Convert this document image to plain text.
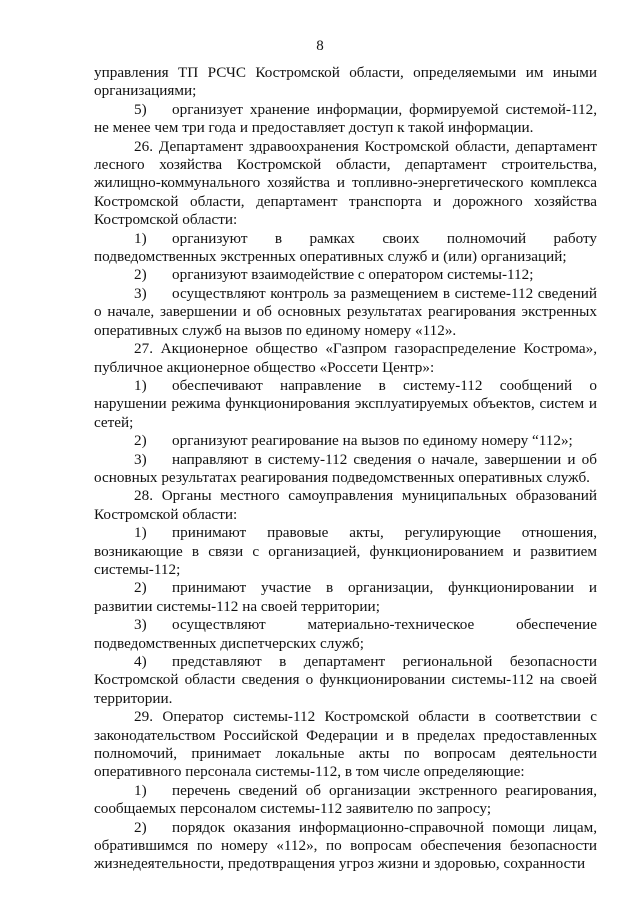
8

управления ТП РСЧС Костромской области, определяемыми им иными организациями;

5) организует хранение информации, формируемой системой-112, не менее чем три года и предоставляет доступ к такой информации.

26. Департамент здравоохранения Костромской области, департамент лесного хозяйства Костромской области, департамент строительства, жилищно-коммунального хозяйства и топливно-энергетического комплекса Костромской области, департамент транспорта и дорожного хозяйства Костромской области:

1) организуют в рамках своих полномочий работу подведомственных экстренных оперативных служб и (или) организаций;

2) организуют взаимодействие с оператором системы-112;

3) осуществляют контроль за размещением в системе-112 сведений о начале, завершении и об основных результатах реагирования экстренных оперативных служб на вызов по единому номеру «112».

27. Акционерное общество «Газпром газораспределение Кострома», публичное акционерное общество «Россети Центр»:

1) обеспечивают направление в систему-112 сообщений о нарушении режима функционирования эксплуатируемых объектов, систем и сетей;

2) организуют реагирование на вызов по единому номеру “112»;

3) направляют в систему-112 сведения о начале, завершении и об основных результатах реагирования подведомственных оперативных служб.

28. Органы местного самоуправления муниципальных образований Костромской области:

1) принимают правовые акты, регулирующие отношения, возникающие в связи с организацией, функционированием и развитием системы-112;

2) принимают участие в организации, функционировании и развитии системы-112 на своей территории;

3) осуществляют материально-техническое обеспечение подведомственных диспетчерских служб;

4) представляют в департамент региональной безопасности Костромской области сведения о функционировании системы-112 на своей территории.

29. Оператор системы-112 Костромской области в соответствии с законодательством Российской Федерации и в пределах предоставленных полномочий, принимает локальные акты по вопросам деятельности оперативного персонала системы-112, в том числе определяющие:

1) перечень сведений об организации экстренного реагирования, сообщаемых персоналом системы-112 заявителю по запросу;

2) порядок оказания информационно-справочной помощи лицам, обратившимся по номеру «112», по вопросам обеспечения безопасности жизнедеятельности, предотвращения угроз жизни и здоровью, сохранности
